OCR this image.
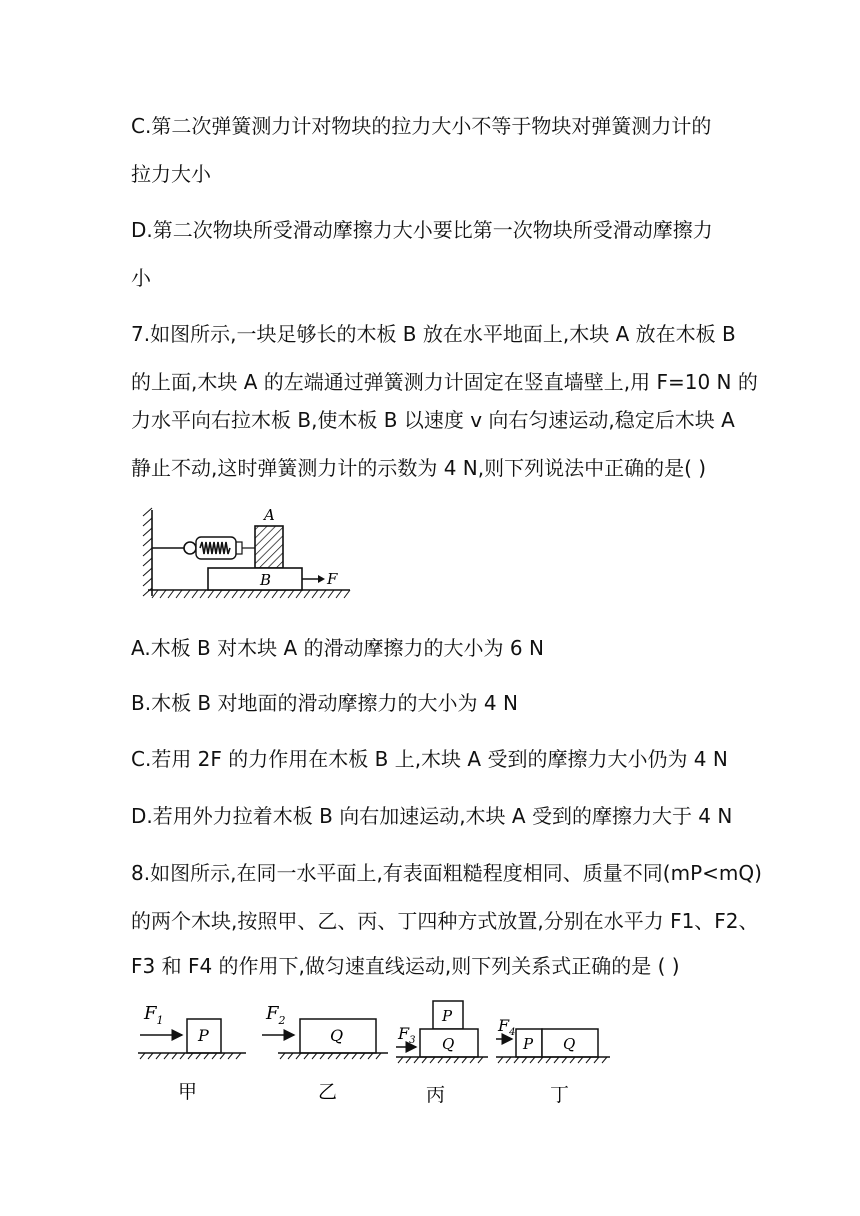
C.第二次弹簧测力计对物块的拉力大小不等于物块对弹簧测力计的

拉力大小

D.第二次物块所受滑动摩擦力大小要比第一次物块所受滑动摩擦力

小

7.如图所示,一块足够长的木板 B 放在水平地面上,木块 A 放在木板 B

的上面,木块 A 的左端通过弹簧测力计固定在竖直墙壁上,用 F=10 N 的

力水平向右拉木板 B,使木板 B 以速度 v 向右匀速运动,稳定后木块 A

静止不动,这时弹簧测力计的示数为 4 N,则下列说法中正确的是( )

A
B	F

A.木板 B 对木块 A 的滑动摩擦力的大小为 6 N

B.木板 B 对地面的滑动摩擦力的大小为 4 N

C.若用 2F 的力作用在木板 B 上,木块 A 受到的摩擦力大小仍为 4 N

D.若用外力拉着木板 B 向右加速运动,木块 A 受到的摩擦力大于 4 N

8.如图所示,在同一水平面上,有表面粗糙程度相同、质量不同(mP<mQ)

的两个木块,按照甲、乙、丙、丁四种方式放置,分别在水平力 F1、F2、

F3 和 F4 的作用下,做匀速直线运动,则下列关系式正确的是 ( )

$F_1$
P
甲
$F_2$
Q
乙
$F_3$
P
Q
丙
$F_4$
P Q
丁
